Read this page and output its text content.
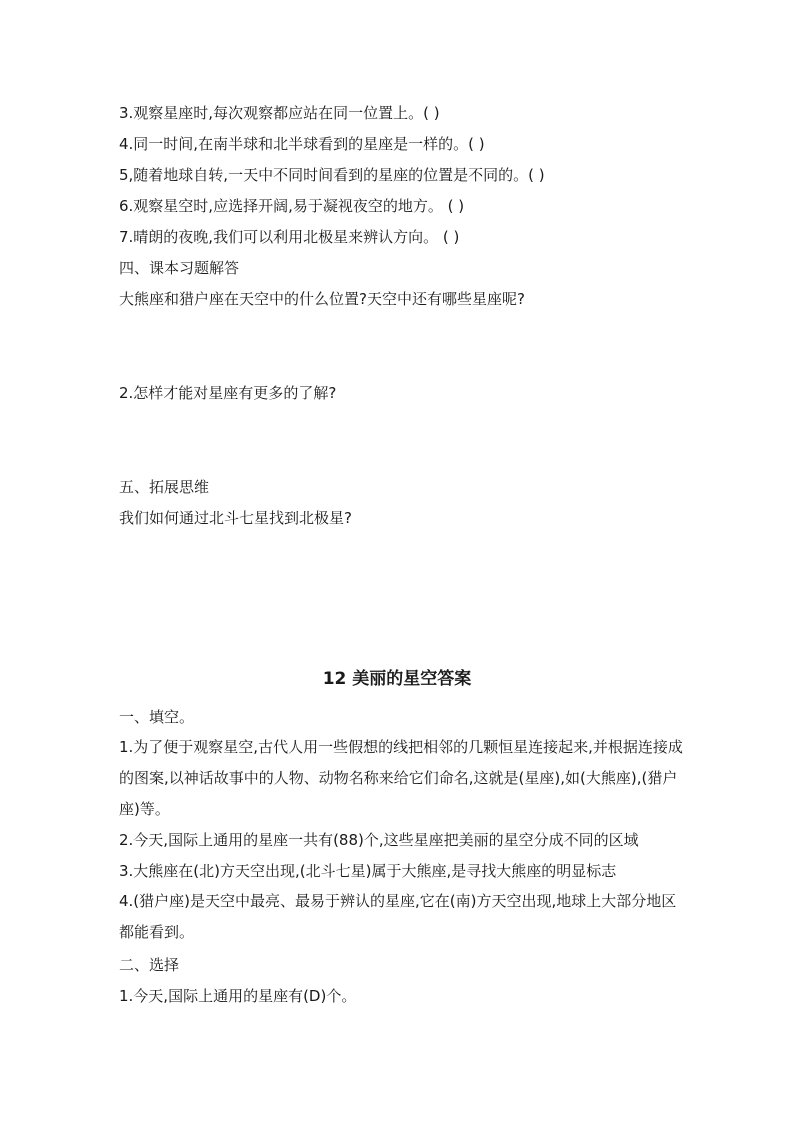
3.观察星座时,每次观察都应站在同一位置上。( )
4.同一时间,在南半球和北半球看到的星座是一样的。( )
5,随着地球自转,一天中不同时间看到的星座的位置是不同的。( )
6.观察星空时,应选择开阔,易于凝视夜空的地方。 ( )
7.晴朗的夜晚,我们可以利用北极星来辨认方向。 ( )
四、课本习题解答
大熊座和猎户座在天空中的什么位置?天空中还有哪些星座呢?
2.怎样才能对星座有更多的了解?
五、拓展思维
我们如何通过北斗七星找到北极星?
12 美丽的星空答案
一、填空。
1.为了便于观察星空,古代人用一些假想的线把相邻的几颗恒星连接起来,并根据连接成的图案,以神话故事中的人物、动物名称来给它们命名,这就是(星座),如(大熊座),(猎户座)等。
2.今天,国际上通用的星座一共有(88)个,这些星座把美丽的星空分成不同的区域
3.大熊座在(北)方天空出现,(北斗七星)属于大熊座,是寻找大熊座的明显标志
4.(猎户座)是天空中最亮、最易于辨认的星座,它在(南)方天空出现,地球上大部分地区都能看到。
二、选择
1.今天,国际上通用的星座有(D)个。
